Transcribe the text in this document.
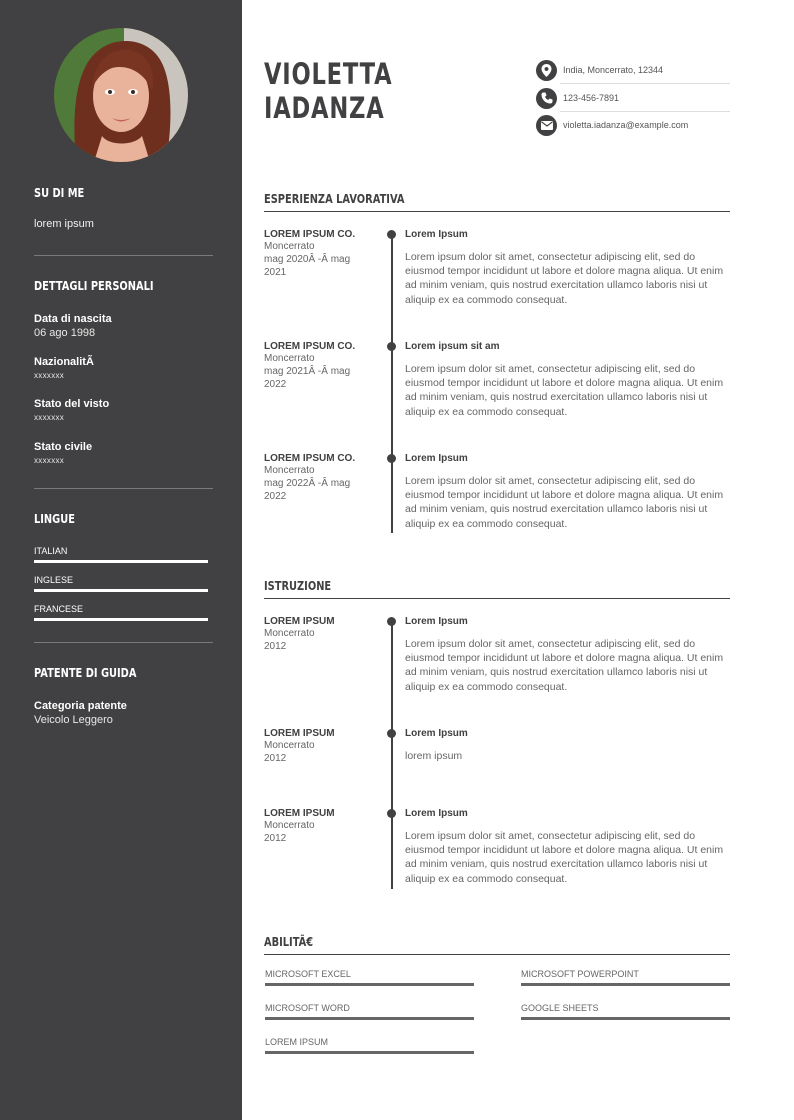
SU DI ME
lorem ipsum
DETTAGLI PERSONALI
Data di nascita
06 ago 1998
NazionalitÃ
xxxxxxx
Stato del visto
xxxxxxx
Stato civile
xxxxxxx
LINGUE
ITALIAN
INGLESE
FRANCESE
PATENTE DI GUIDA
Categoria patente
Veicolo Leggero
VIOLETTA
IADANZA
India, Moncerrato, 12344
123-456-7891
violetta.iadanza@example.com
ESPERIENZA LAVORATIVA
LOREM IPSUM CO.
Moncerrato
mag 2020Â -Â mag
2021
Lorem Ipsum
Lorem ipsum dolor sit amet, consectetur adipiscing elit, sed do eiusmod tempor incididunt ut labore et dolore magna aliqua. Ut enim ad minim veniam, quis nostrud exercitation ullamco laboris nisi ut aliquip ex ea commodo consequat.
LOREM IPSUM CO.
Moncerrato
mag 2021Â -Â mag
2022
Lorem ipsum sit am
Lorem ipsum dolor sit amet, consectetur adipiscing elit, sed do eiusmod tempor incididunt ut labore et dolore magna aliqua. Ut enim ad minim veniam, quis nostrud exercitation ullamco laboris nisi ut aliquip ex ea commodo consequat.
LOREM IPSUM CO.
Moncerrato
mag 2022Â -Â mag
2022
Lorem Ipsum
Lorem ipsum dolor sit amet, consectetur adipiscing elit, sed do eiusmod tempor incididunt ut labore et dolore magna aliqua. Ut enim ad minim veniam, quis nostrud exercitation ullamco laboris nisi ut aliquip ex ea commodo consequat.
ISTRUZIONE
LOREM IPSUM
Moncerrato
2012
Lorem Ipsum
Lorem ipsum dolor sit amet, consectetur adipiscing elit, sed do eiusmod tempor incididunt ut labore et dolore magna aliqua. Ut enim ad minim veniam, quis nostrud exercitation ullamco laboris nisi ut aliquip ex ea commodo consequat.
LOREM IPSUM
Moncerrato
2012
Lorem Ipsum
lorem ipsum
LOREM IPSUM
Moncerrato
2012
Lorem Ipsum
Lorem ipsum dolor sit amet, consectetur adipiscing elit, sed do eiusmod tempor incididunt ut labore et dolore magna aliqua. Ut enim ad minim veniam, quis nostrud exercitation ullamco laboris nisi ut aliquip ex ea commodo consequat.
ABILITÃ€
MICROSOFT EXCEL	MICROSOFT POWERPOINT
MICROSOFT WORD	GOOGLE SHEETS
LOREM IPSUM
